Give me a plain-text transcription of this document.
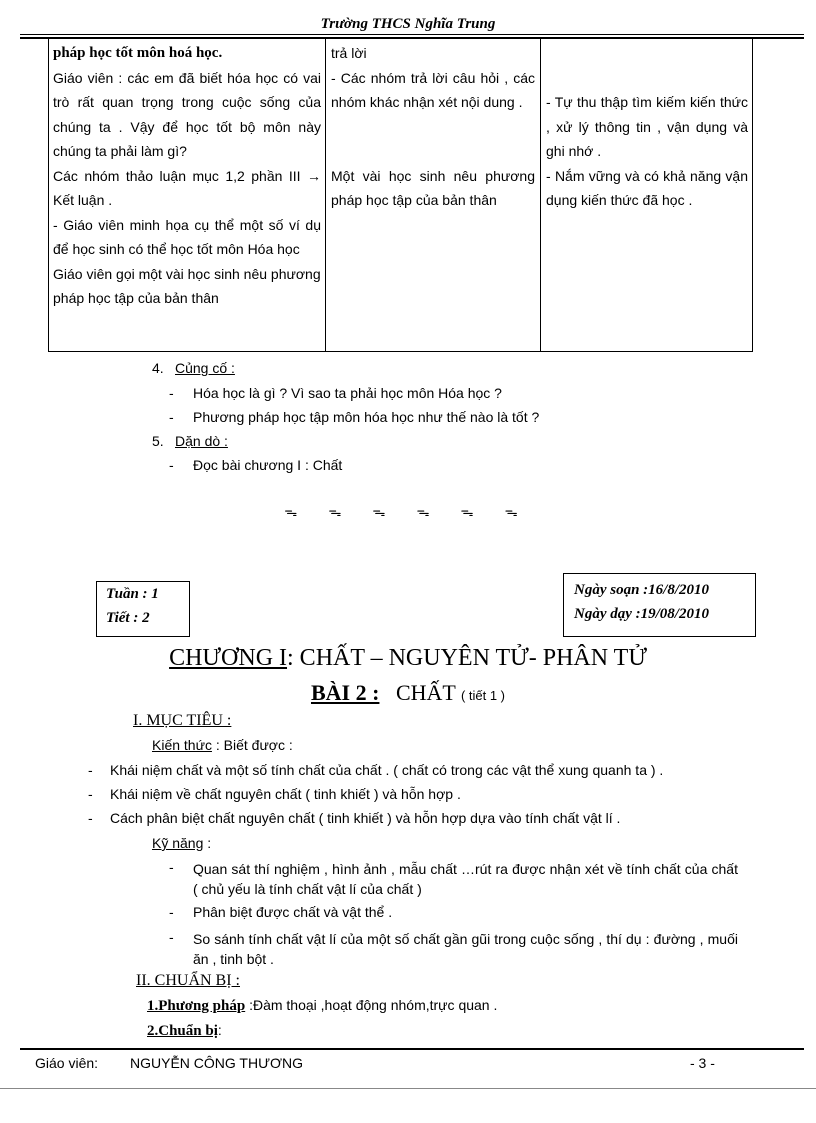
Trường THCS Nghĩa Trung

pháp học tốt môn hoá học.

Giáo viên : các em đã biết hóa học có vai trò rất quan trọng trong cuộc sống của chúng ta . Vậy để học tốt bộ môn này chúng ta phải làm gì?

Các nhóm thảo luận mục 1,2 phần III → Kết luận .

- Giáo viên minh họa cụ thể một số ví dụ để học sinh có thể học tốt môn Hóa học

Giáo viên gọi một vài học sinh nêu phương pháp học tập của bản thân

trả lời

- Các nhóm trả lời câu hỏi , các nhóm khác nhận xét nội dung .

Một vài học sinh nêu phương pháp học tập của bản thân

- Tự thu thập tìm kiếm kiến thức , xử lý thông tin , vận dụng và ghi nhớ .

- Nắm vững và có khả năng vận dụng kiến thức đã học .

4. Củng cố :
- Hóa học là gì ? Vì sao ta phải học môn Hóa học ?
- Phương pháp học tập môn hóa học như thế nào là tốt ?
5. Dặn dò :
- Đọc bài chương I : Chất
ᯓ ᯓ ᯓ ᯓ ᯓ ᯓ
Tuần : 1
Tiết : 2
Ngày soạn :16/8/2010
Ngày dạy :19/08/2010
CHƯƠNG I: CHẤT – NGUYÊN TỬ- PHÂN TỬ
BÀI 2 : CHẤT ( tiết 1 )
I. MỤC TIÊU :
Kiến thức : Biết được :
- Khái niệm chất và một số tính chất của chất . ( chất có trong các vật thể xung quanh ta ) .
- Khái niệm về chất nguyên chất ( tinh khiết ) và hỗn hợp .
- Cách phân biệt chất nguyên chất ( tinh khiết ) và hỗn hợp dựa vào tính chất vật lí .
Kỹ năng :
- Quan sát thí nghiệm , hình ảnh , mẫu chất …rút ra được nhận xét về tính chất của chất ( chủ yếu là tính chất vật lí của chất )
- Phân biệt được chất và vật thể .
- So sánh tính chất vật lí của một số chất gần gũi trong cuộc sống , thí dụ : đường , muối ăn , tinh bột .
II. CHUẨN BỊ :
1.Phương pháp :Đàm thoại ,hoạt động nhóm,trực quan .
2.Chuẩn bị:
Giáo viên: NGUYỄN CÔNG THƯƠNG	- 3 -
